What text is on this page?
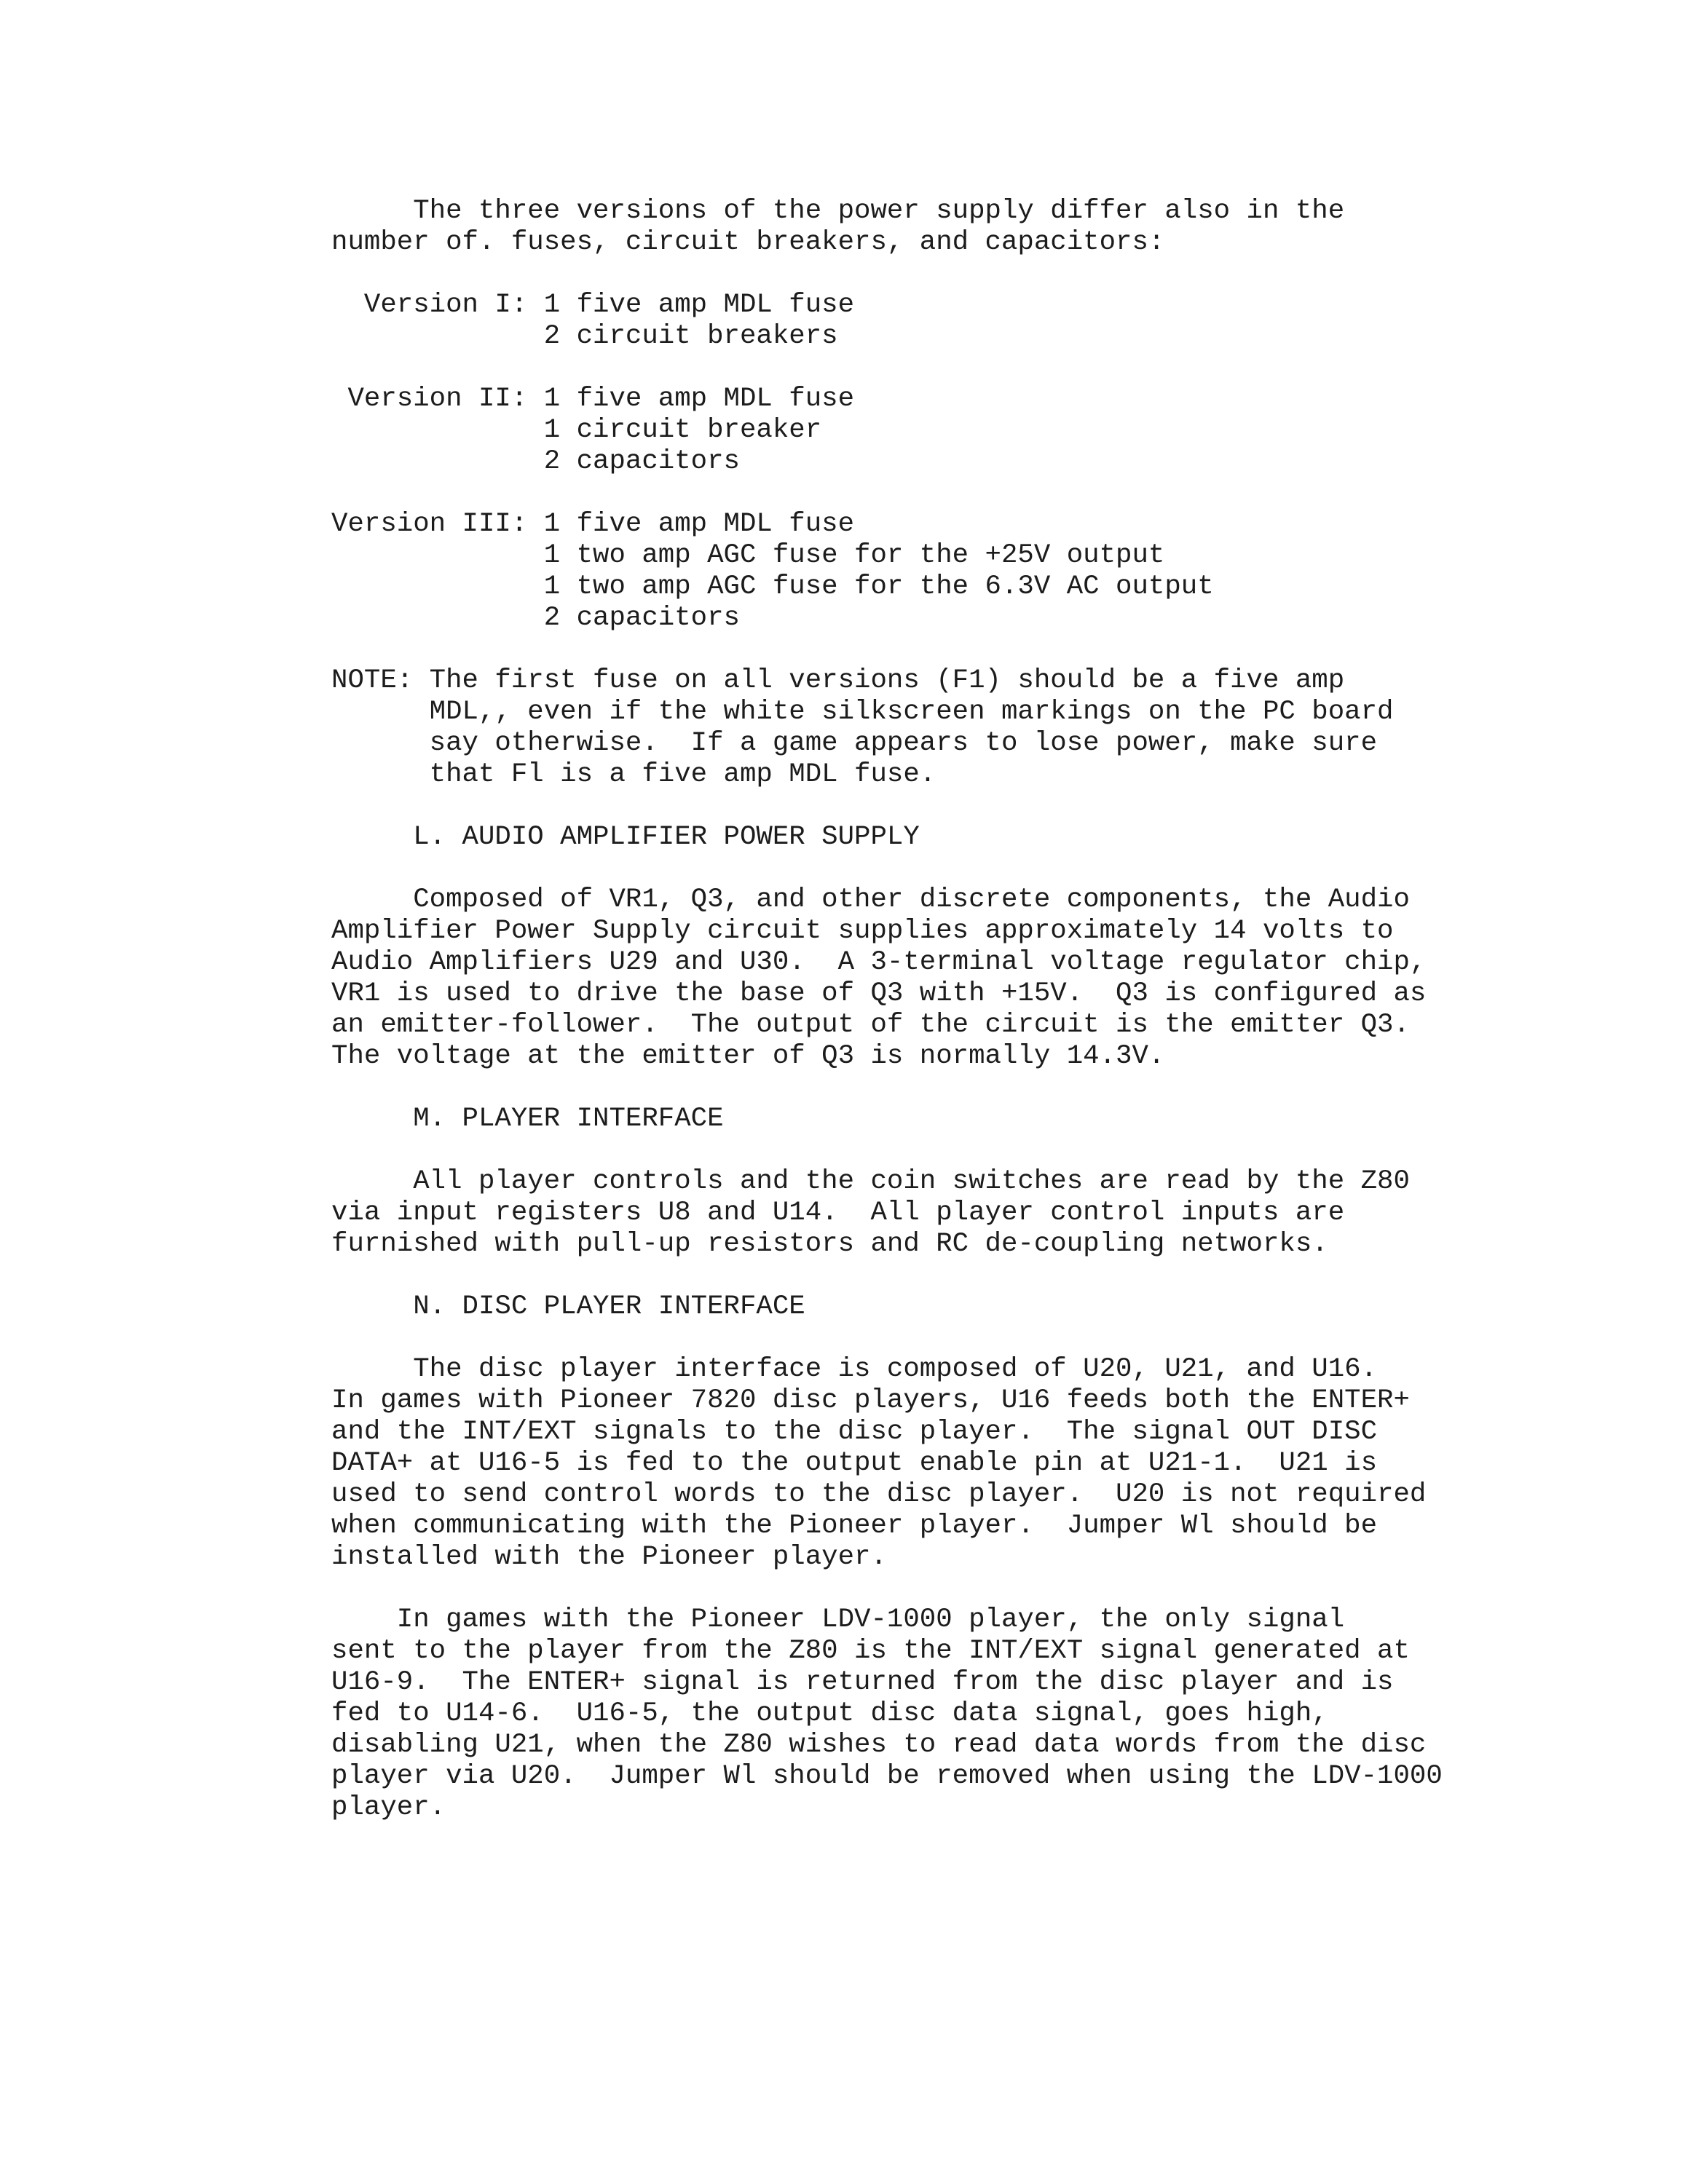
The three versions of the power supply differ also in the

number of. fuses, circuit breakers, and capacitors:

Version I: 1 five amp MDL fuse

2 circuit breakers

Version II: 1 five amp MDL fuse

1 circuit breaker

2 capacitors

Version III: 1 five amp MDL fuse

1 two amp AGC fuse for the +25V output

1 two amp AGC fuse for the 6.3V AC output

2 capacitors

NOTE: The first fuse on all versions (F1) should be a five amp

MDL,, even if the white silkscreen markings on the PC board

say otherwise.  If a game appears to lose power, make sure

that Fl is a five amp MDL fuse.

L. AUDIO AMPLIFIER POWER SUPPLY

Composed of VR1, Q3, and other discrete components, the Audio

Amplifier Power Supply circuit supplies approximately 14 volts to

Audio Amplifiers U29 and U30.  A 3-terminal voltage regulator chip,

VR1 is used to drive the base of Q3 with +15V.  Q3 is configured as

an emitter-follower.  The output of the circuit is the emitter Q3.

The voltage at the emitter of Q3 is normally 14.3V.

M. PLAYER INTERFACE

All player controls and the coin switches are read by the Z80

via input registers U8 and U14.  All player control inputs are

furnished with pull-up resistors and RC de-coupling networks.

N. DISC PLAYER INTERFACE

The disc player interface is composed of U20, U21, and U16.

In games with Pioneer 7820 disc players, U16 feeds both the ENTER+

and the INT/EXT signals to the disc player.  The signal OUT DISC

DATA+ at U16-5 is fed to the output enable pin at U21-1.  U21 is

used to send control words to the disc player.  U20 is not required

when communicating with the Pioneer player.  Jumper Wl should be

installed with the Pioneer player.

In games with the Pioneer LDV-1000 player, the only signal

sent to the player from the Z80 is the INT/EXT signal generated at

U16-9.  The ENTER+ signal is returned from the disc player and is

fed to U14-6.  U16-5, the output disc data signal, goes high,

disabling U21, when the Z80 wishes to read data words from the disc

player via U20.  Jumper Wl should be removed when using the LDV-1000

player.
